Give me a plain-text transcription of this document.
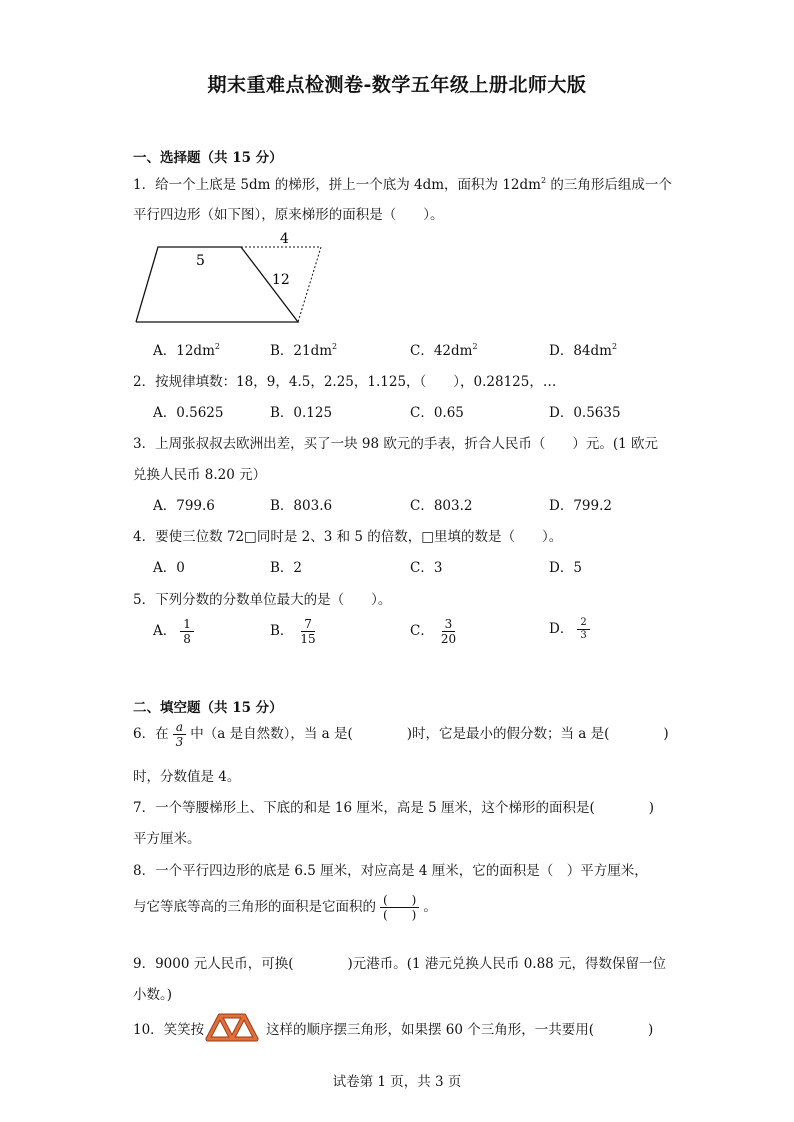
期末重难点检测卷-数学五年级上册北师大版
一、选择题（共 15 分）
1．给一个上底是 5dm 的梯形，拼上一个底为 4dm，面积为 $12dm^2$ 的三角形后组成一个
平行四边形（如下图），原来梯形的面积是（　　）。
4
5
12
A．$12dm^2$	B．$21dm^2$	C．$42dm^2$	D．$84dm^2$
2．按规律填数：18，9，4.5，2.25，1.125，（　　），0.28125，…
A．0.5625	B．0.125	C．0.65	D．0.5635
3．上周张叔叔去欧洲出差，买了一块 98 欧元的手表，折合人民币（　　）元。(1 欧元
兑换人民币 8.20 元）
A．799.6	B．803.6	C．803.2	D．799.2
4．要使三位数 72□同时是 2、3 和 5 的倍数，□里填的数是（　　）。
A．0	B．2	C．3	D．5
5．下列分数的分数单位最大的是（　　）。
A． $\frac{1}{8}$	B． $\frac{7}{15}$	C． $\frac{3}{20}$	D． $\frac{2}{3}$
二、填空题（共 15 分）
6．在 $\frac{a}{3}$ 中（a 是自然数），当 a 是(　　　　)时，它是最小的假分数；当 a 是(　　　　)
时，分数值是 4。
7．一个等腰梯形上、下底的和是 16 厘米，高是 5 厘米，这个梯形的面积是(　　　　)
平方厘米。
8．一个平行四边形的底是 6.5 厘米，对应高是 4 厘米，它的面积是（　）平方厘米，
与它等底等高的三角形的面积是它面积的 $\frac{( )}{( )}$ 。
9．9000 元人民币，可换(　　　　)元港币。(1 港元兑换人民币 0.88 元，得数保留一位
小数。)
10．笑笑按	这样的顺序摆三角形，如果摆 60 个三角形，一共要用(　　　　)
试卷第 1 页，共 3 页
